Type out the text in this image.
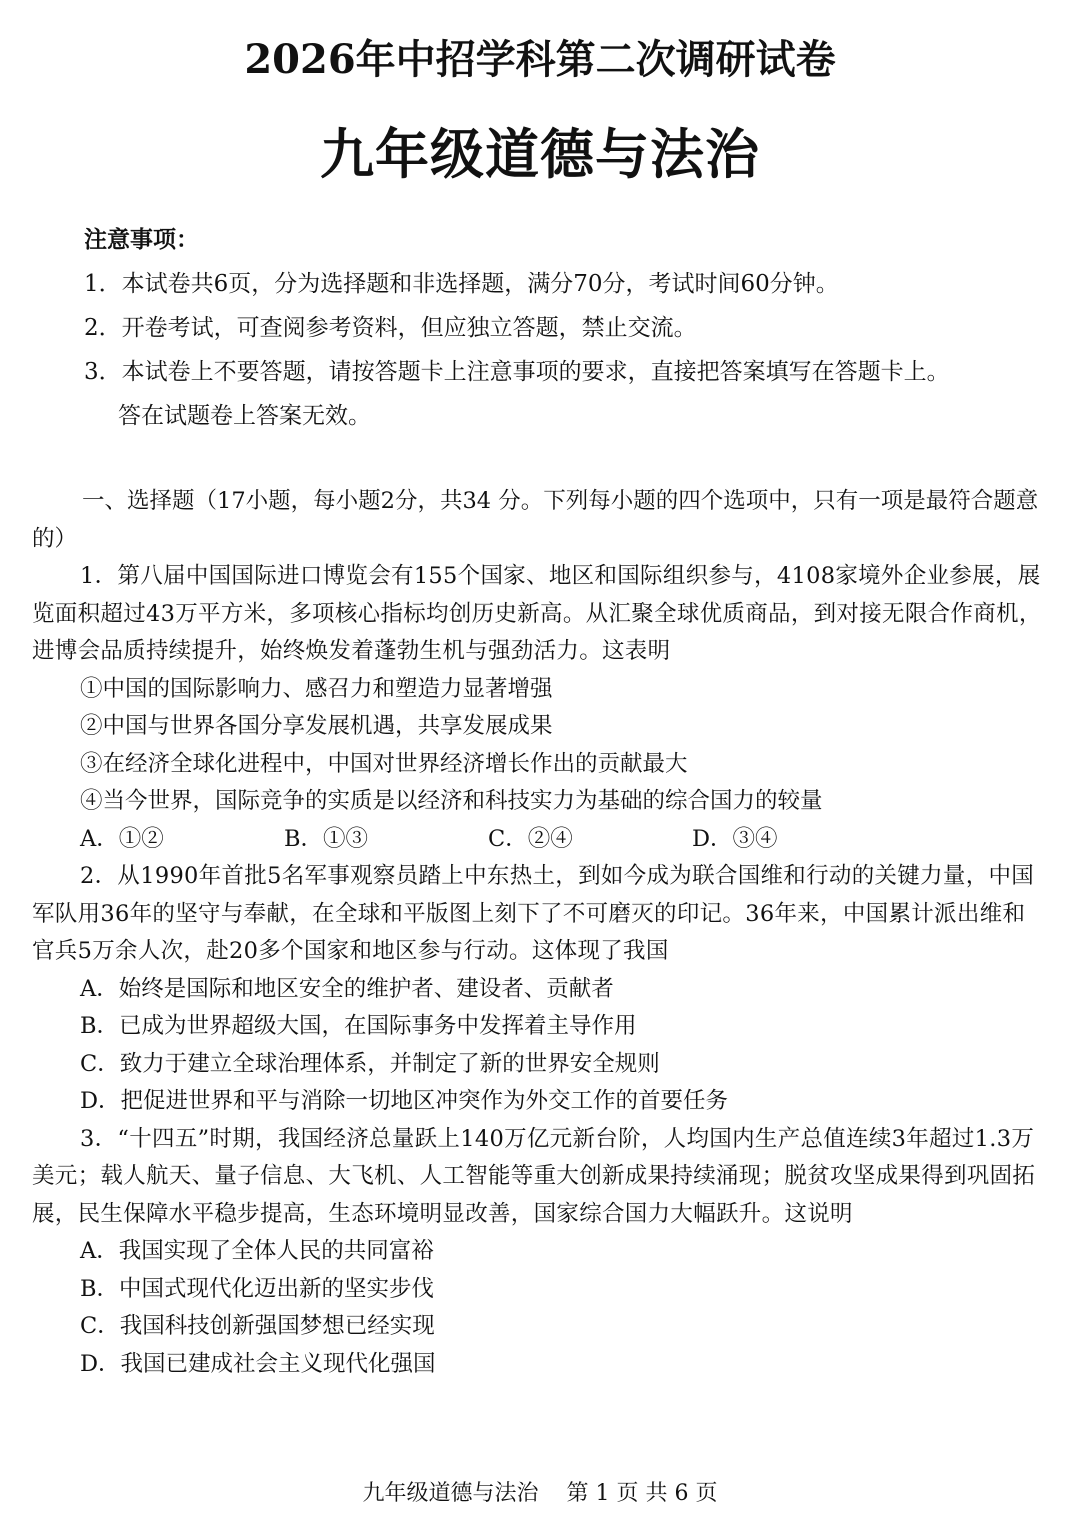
2026年中招学科第二次调研试卷
九年级道德与法治
注意事项：
1．本试卷共6页，分为选择题和非选择题，满分70分，考试时间60分钟。
2．开卷考试，可查阅参考资料，但应独立答题，禁止交流。
3．本试卷上不要答题，请按答题卡上注意事项的要求，直接把答案填写在答题卡上。
答在试题卷上答案无效。
一、选择题（17小题，每小题2分，共34 分。下列每小题的四个选项中，只有一项是最符合题意的）
1．第八届中国国际进口博览会有155个国家、地区和国际组织参与，4108家境外企业参展，展览面积超过43万平方米，多项核心指标均创历史新高。从汇聚全球优质商品，到对接无限合作商机，进博会品质持续提升，始终焕发着蓬勃生机与强劲活力。这表明
①中国的国际影响力、感召力和塑造力显著增强
②中国与世界各国分享发展机遇，共享发展成果
③在经济全球化进程中，中国对世界经济增长作出的贡献最大
④当今世界，国际竞争的实质是以经济和科技实力为基础的综合国力的较量
A．①②	B．①③	C．②④	D．③④
2．从1990年首批5名军事观察员踏上中东热土，到如今成为联合国维和行动的关键力量，中国军队用36年的坚守与奉献，在全球和平版图上刻下了不可磨灭的印记。36年来，中国累计派出维和官兵5万余人次，赴20多个国家和地区参与行动。这体现了我国
A．始终是国际和地区安全的维护者、建设者、贡献者
B．已成为世界超级大国，在国际事务中发挥着主导作用
C．致力于建立全球治理体系，并制定了新的世界安全规则
D．把促进世界和平与消除一切地区冲突作为外交工作的首要任务
3．“十四五”时期，我国经济总量跃上140万亿元新台阶，人均国内生产总值连续3年超过1.3万美元；载人航天、量子信息、大飞机、人工智能等重大创新成果持续涌现；脱贫攻坚成果得到巩固拓展，民生保障水平稳步提高，生态环境明显改善，国家综合国力大幅跃升。这说明
A．我国实现了全体人民的共同富裕
B．中国式现代化迈出新的坚实步伐
C．我国科技创新强国梦想已经实现
D．我国已建成社会主义现代化强国
九年级道德与法治    第 1 页 共 6 页
